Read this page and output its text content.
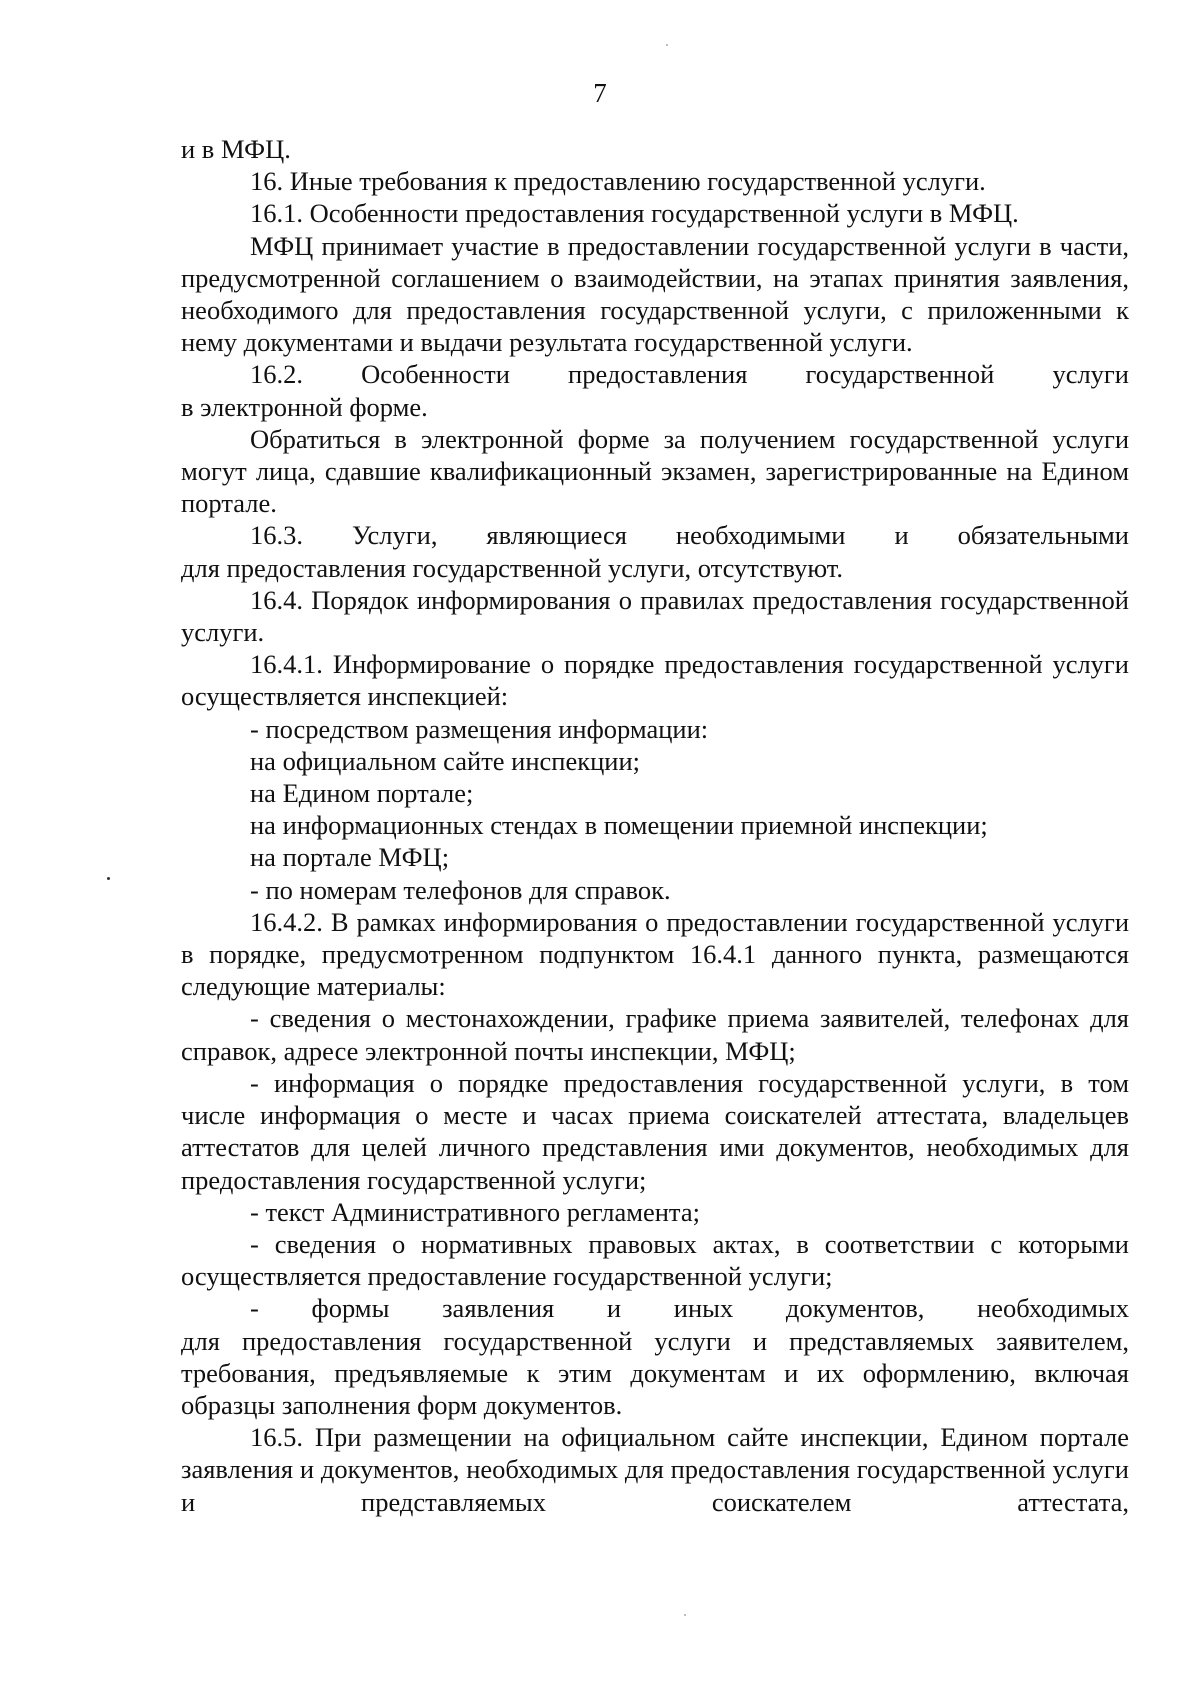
7

и в МФЦ.

16. Иные требования к предоставлению государственной услуги.

16.1. Особенности предоставления государственной услуги в МФЦ.

МФЦ принимает участие в предоставлении государственной услуги в части, предусмотренной соглашением о взаимодействии, на этапах принятия заявления, необходимого для предоставления государственной услуги, с приложенными к нему документами и выдачи результата государственной услуги.

16.2. Особенности предоставления государственной услуги

в электронной форме.

Обратиться в электронной форме за получением государственной услуги могут лица, сдавшие квалификационный экзамен, зарегистрированные на Едином портале.

16.3. Услуги, являющиеся необходимыми и обязательными

для предоставления государственной услуги, отсутствуют.

16.4. Порядок информирования о правилах предоставления государственной услуги.

16.4.1. Информирование о порядке предоставления государственной услуги осуществляется инспекцией:

- посредством размещения информации:

на официальном сайте инспекции;

на Едином портале;

на информационных стендах в помещении приемной инспекции;

на портале МФЦ;

- по номерам телефонов для справок.

16.4.2. В рамках информирования о предоставлении государственной услуги в порядке, предусмотренном подпунктом 16.4.1 данного пункта, размещаются следующие материалы:

- сведения о местонахождении, графике приема заявителей, телефонах для справок, адресе электронной почты инспекции, МФЦ;

- информация о порядке предоставления государственной услуги, в том числе информация о месте и часах приема соискателей аттестата, владельцев аттестатов для целей личного представления ими документов, необходимых для предоставления государственной услуги;

- текст Административного регламента;

- сведения о нормативных правовых актах, в соответствии с которыми осуществляется предоставление государственной услуги;

- формы заявления и иных документов, необходимых

для предоставления государственной услуги и представляемых заявителем, требования, предъявляемые к этим документам и их оформлению, включая образцы заполнения форм документов.

16.5. При размещении на официальном сайте инспекции, Едином портале заявления и документов, необходимых для предоставления государственной услуги и представляемых соискателем аттестата,
